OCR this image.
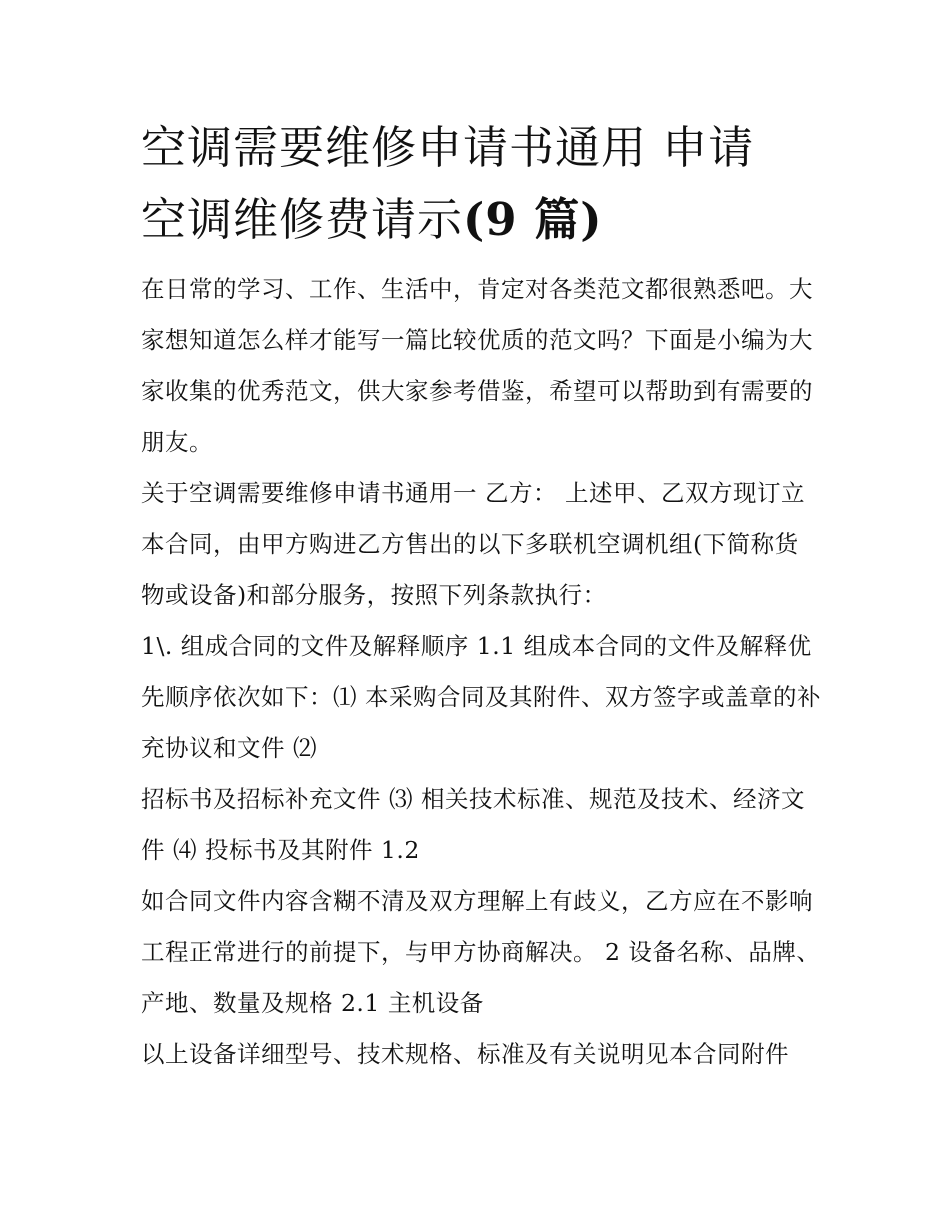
空调需要维修申请书通用 申请
空调维修费请示(9 篇)

在日常的学习、工作、生活中，肯定对各类范文都很熟悉吧。大家想知道怎么样才能写一篇比较优质的范文吗？下面是小编为大家收集的优秀范文，供大家参考借鉴，希望可以帮助到有需要的朋友。

关于空调需要维修申请书通用一 乙方： 上述甲、乙双方现订立本合同，由甲方购进乙方售出的以下多联机空调机组(下简称货物或设备)和部分服务，按照下列条款执行：

1\. 组成合同的文件及解释顺序 1.1 组成本合同的文件及解释优先顺序依次如下：⑴ 本采购合同及其附件、双方签字或盖章的补充协议和文件 ⑵

招标书及招标补充文件 ⑶ 相关技术标准、规范及技术、经济文件 ⑷ 投标书及其附件 1.2

如合同文件内容含糊不清及双方理解上有歧义，乙方应在不影响工程正常进行的前提下，与甲方协商解决。 2 设备名称、品牌、产地、数量及规格 2.1 主机设备

以上设备详细型号、技术规格、标准及有关说明见本合同附件
